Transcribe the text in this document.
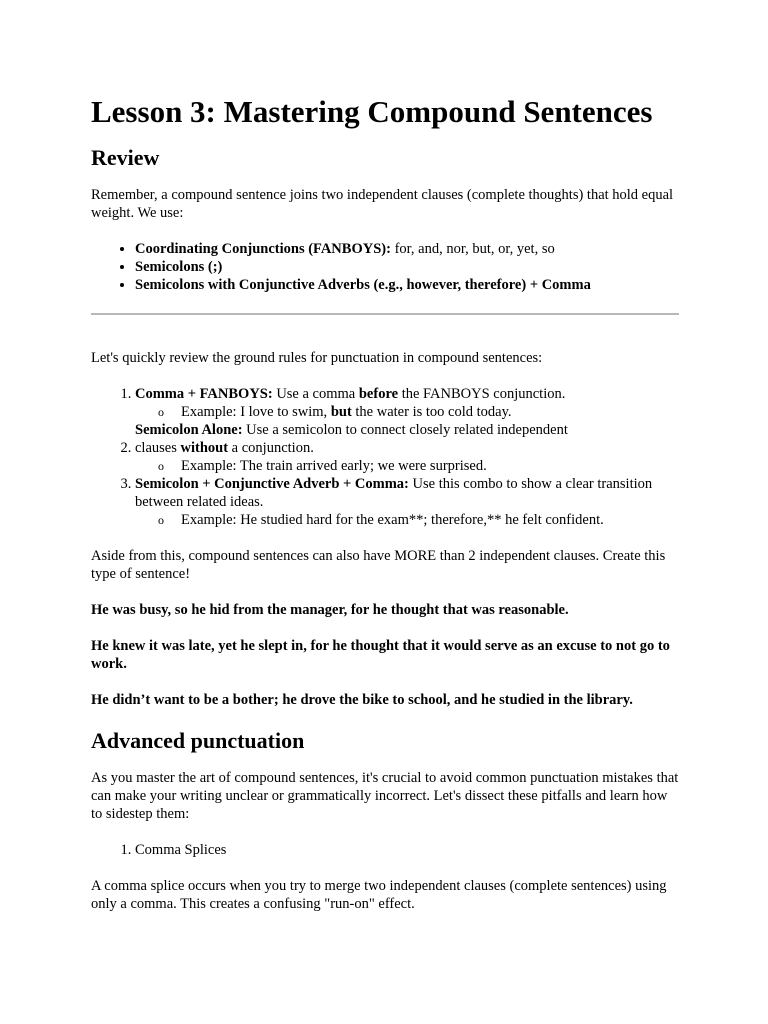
Lesson 3: Mastering Compound Sentences
Review

Remember, a compound sentence joins two independent clauses (complete thoughts) that hold equal weight. We use:

• Coordinating Conjunctions (FANBOYS): for, and, nor, but, or, yet, so
• Semicolons (;)
• Semicolons with Conjunctive Adverbs (e.g., however, therefore) + Comma

Let's quickly review the ground rules for punctuation in compound sentences:

1. Comma + FANBOYS: Use a comma before the FANBOYS conjunction.
o Example: I love to swim, but the water is too cold today.
2. Semicolon Alone: Use a semicolon to connect closely related independent clauses without a conjunction.
o Example: The train arrived early; we were surprised.
3. Semicolon + Conjunctive Adverb + Comma: Use this combo to show a clear transition between related ideas.
o Example: He studied hard for the exam**; therefore,** he felt confident.

Aside from this, compound sentences can also have MORE than 2 independent clauses. Create this type of sentence!

He was busy, so he hid from the manager, for he thought that was reasonable.

He knew it was late, yet he slept in, for he thought that it would serve as an excuse to not go to work.

He didn’t want to be a bother; he drove the bike to school, and he studied in the library.

Advanced punctuation

As you master the art of compound sentences, it's crucial to avoid common punctuation mistakes that can make your writing unclear or grammatically incorrect. Let's dissect these pitfalls and learn how to sidestep them:

1. Comma Splices

A comma splice occurs when you try to merge two independent clauses (complete sentences) using only a comma. This creates a confusing "run-on" effect.
